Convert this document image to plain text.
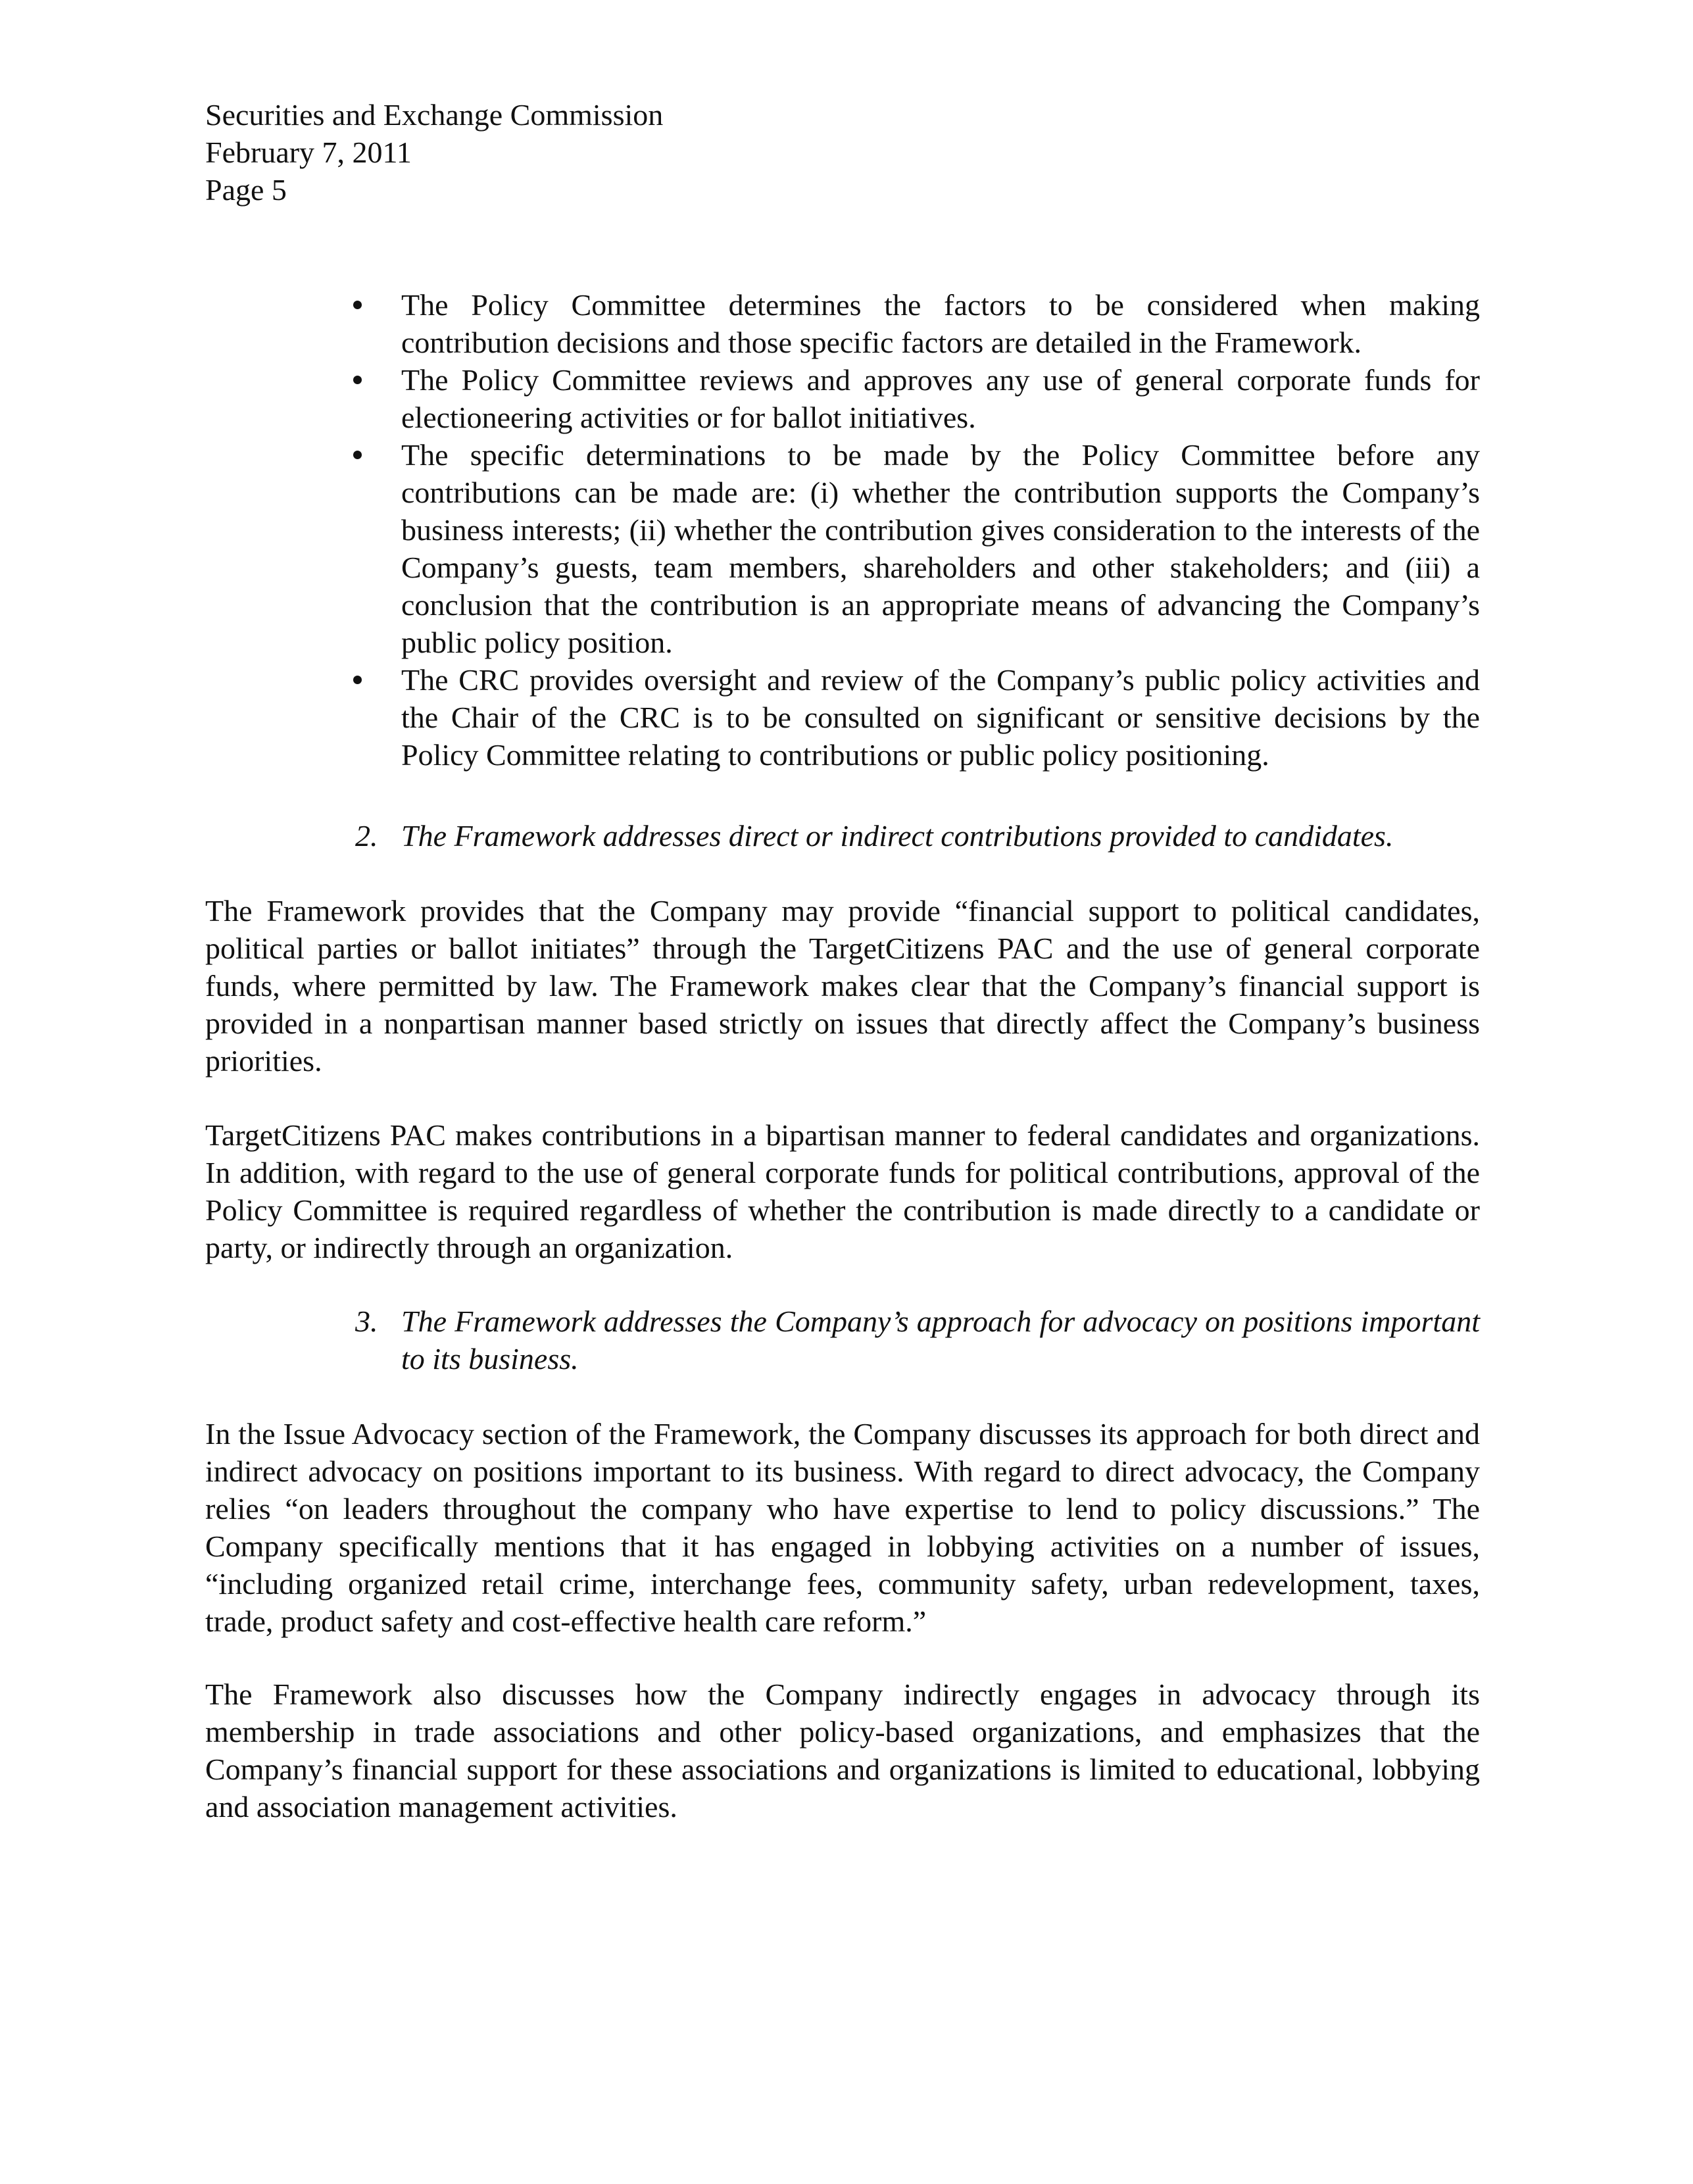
Securities and Exchange Commission
February 7, 2011
Page 5
The Policy Committee determines the factors to be considered when making contribution decisions and those specific factors are detailed in the Framework.
The Policy Committee reviews and approves any use of general corporate funds for electioneering activities or for ballot initiatives.
The specific determinations to be made by the Policy Committee before any contributions can be made are: (i) whether the contribution supports the Company’s business interests; (ii) whether the contribution gives consideration to the interests of the Company’s guests, team members, shareholders and other stakeholders; and (iii) a conclusion that the contribution is an appropriate means of advancing the Company’s public policy position.
The CRC provides oversight and review of the Company’s public policy activities and the Chair of the CRC is to be consulted on significant or sensitive decisions by the Policy Committee relating to contributions or public policy positioning.
2. The Framework addresses direct or indirect contributions provided to candidates.
The Framework provides that the Company may provide “financial support to political candidates, political parties or ballot initiates” through the TargetCitizens PAC and the use of general corporate funds, where permitted by law. The Framework makes clear that the Company’s financial support is provided in a nonpartisan manner based strictly on issues that directly affect the Company’s business priorities.
TargetCitizens PAC makes contributions in a bipartisan manner to federal candidates and organizations. In addition, with regard to the use of general corporate funds for political contributions, approval of the Policy Committee is required regardless of whether the contribution is made directly to a candidate or party, or indirectly through an organization.
3. The Framework addresses the Company’s approach for advocacy on positions important to its business.
In the Issue Advocacy section of the Framework, the Company discusses its approach for both direct and indirect advocacy on positions important to its business. With regard to direct advocacy, the Company relies “on leaders throughout the company who have expertise to lend to policy discussions.” The Company specifically mentions that it has engaged in lobbying activities on a number of issues, “including organized retail crime, interchange fees, community safety, urban redevelopment, taxes, trade, product safety and cost-effective health care reform.”
The Framework also discusses how the Company indirectly engages in advocacy through its membership in trade associations and other policy-based organizations, and emphasizes that the Company’s financial support for these associations and organizations is limited to educational, lobbying and association management activities.
